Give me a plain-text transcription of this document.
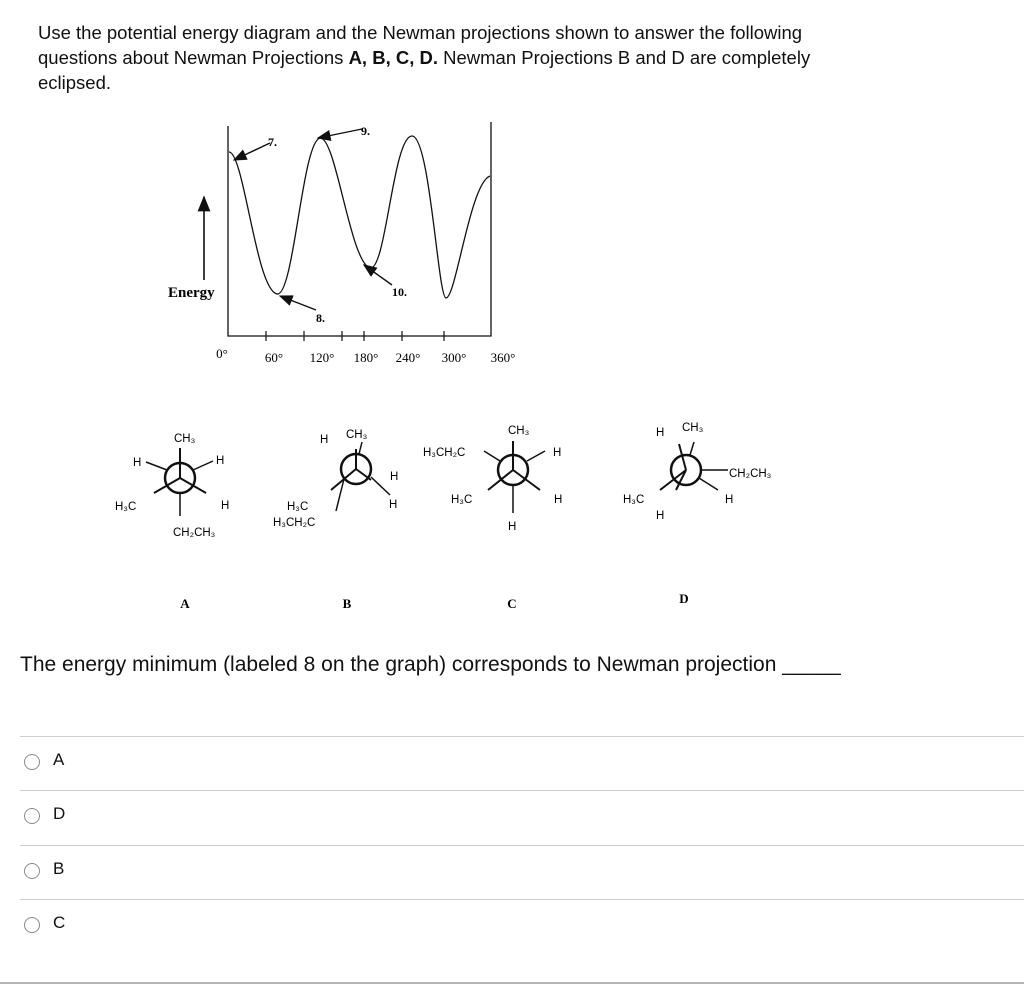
Use the potential energy diagram and the Newman projections shown to answer the following questions about Newman Projections A, B, C, D. Newman Projections B and D are completely eclipsed.
Energy
7.
8.
9.
10.
0°	60° 120° 180° 240° 300° 360°
CH₃
H	H
H₃C	H
CH₂CH₃
A
H CH₃
H
H₃C	H
H₃CH₂C
B
CH₃
H₃CH₂C	H
H₃C	H
H
C
H CH₃
CH₂CH₃
H₃C	H
H
D
The energy minimum (labeled 8 on the graph) corresponds to Newman projection _____
A
D
B
C
